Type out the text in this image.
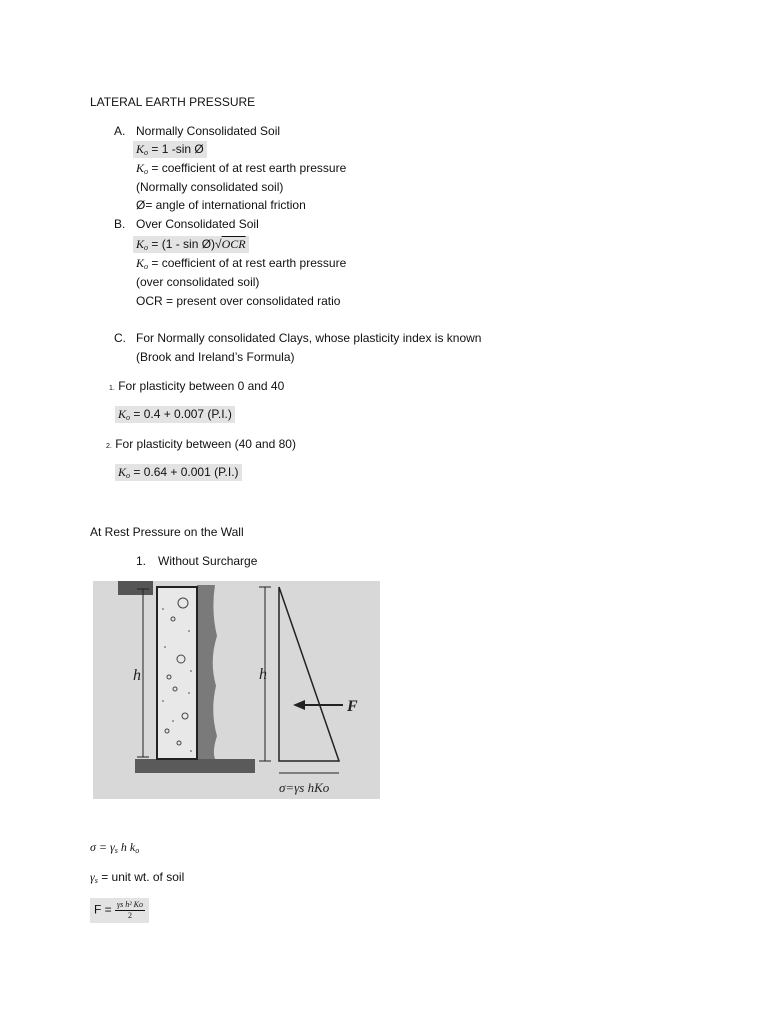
LATERAL EARTH PRESSURE
A. Normally Consolidated Soil
$K_o = 1$ -sin Ø
$K_o$ = coefficient of at rest earth pressure
(Normally consolidated soil)
Ø= angle of international friction
B. Over Consolidated Soil
$K_o = (1 - \sin$ Ø)√OCR
$K_o$ = coefficient of at rest earth pressure
(over consolidated soil)
OCR = present over consolidated ratio
C. For Normally consolidated Clays, whose plasticity index is known
(Brook and Ireland’s Formula)
1. For plasticity between 0 and 40
$K_o = 0.4 + 0.007$ (P.I.)
2. For plasticity between (40 and 80)
$K_o = 0.64 + 0.001$ (P.I.)
At Rest Pressure on the Wall
1. Without Surcharge
h	h
F
σ=γs hKo
$\sigma = \gamma_s$ h $k_o$
$\gamma_s$ = unit wt. of soil
$F = \frac{\text{γs h² Ko}}{2}$
